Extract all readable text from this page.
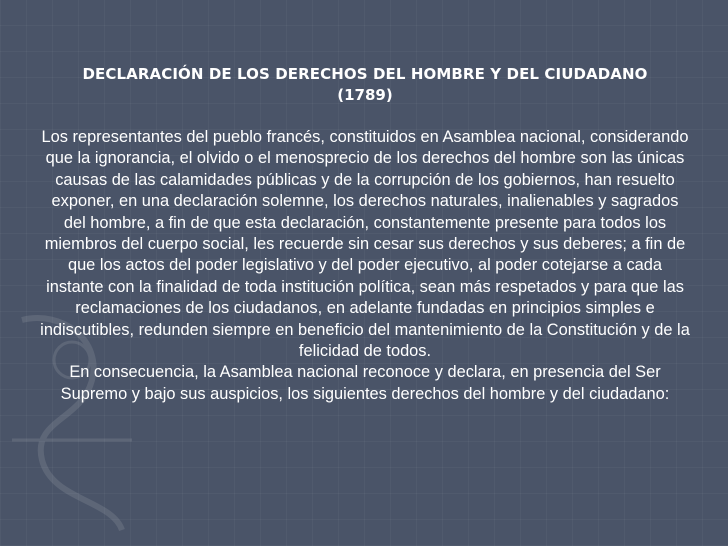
DECLARACIÓN DE LOS DERECHOS DEL HOMBRE Y DEL CIUDADANO

(1789)

Los representantes del pueblo francés, constituidos en Asamblea nacional, considerando que la ignorancia, el olvido o el menosprecio de los derechos del hombre son las únicas causas de las calamidades públicas y de la corrupción de los gobiernos, han resuelto exponer, en una declaración solemne, los derechos naturales, inalienables y sagrados del hombre, a fin de que esta declaración, constantemente presente para todos los miembros del cuerpo social, les recuerde sin cesar sus derechos y sus deberes; a fin de que los actos del poder legislativo y del poder ejecutivo, al poder cotejarse a cada instante con la finalidad de toda institución política, sean más respetados y para que las reclamaciones de los ciudadanos, en adelante fundadas en principios simples e indiscutibles, redunden siempre en beneficio del mantenimiento de la Constitución y de la felicidad de todos.

En consecuencia, la Asamblea nacional reconoce y declara, en presencia del Ser Supremo y bajo sus auspicios, los siguientes derechos del hombre y del ciudadano:
